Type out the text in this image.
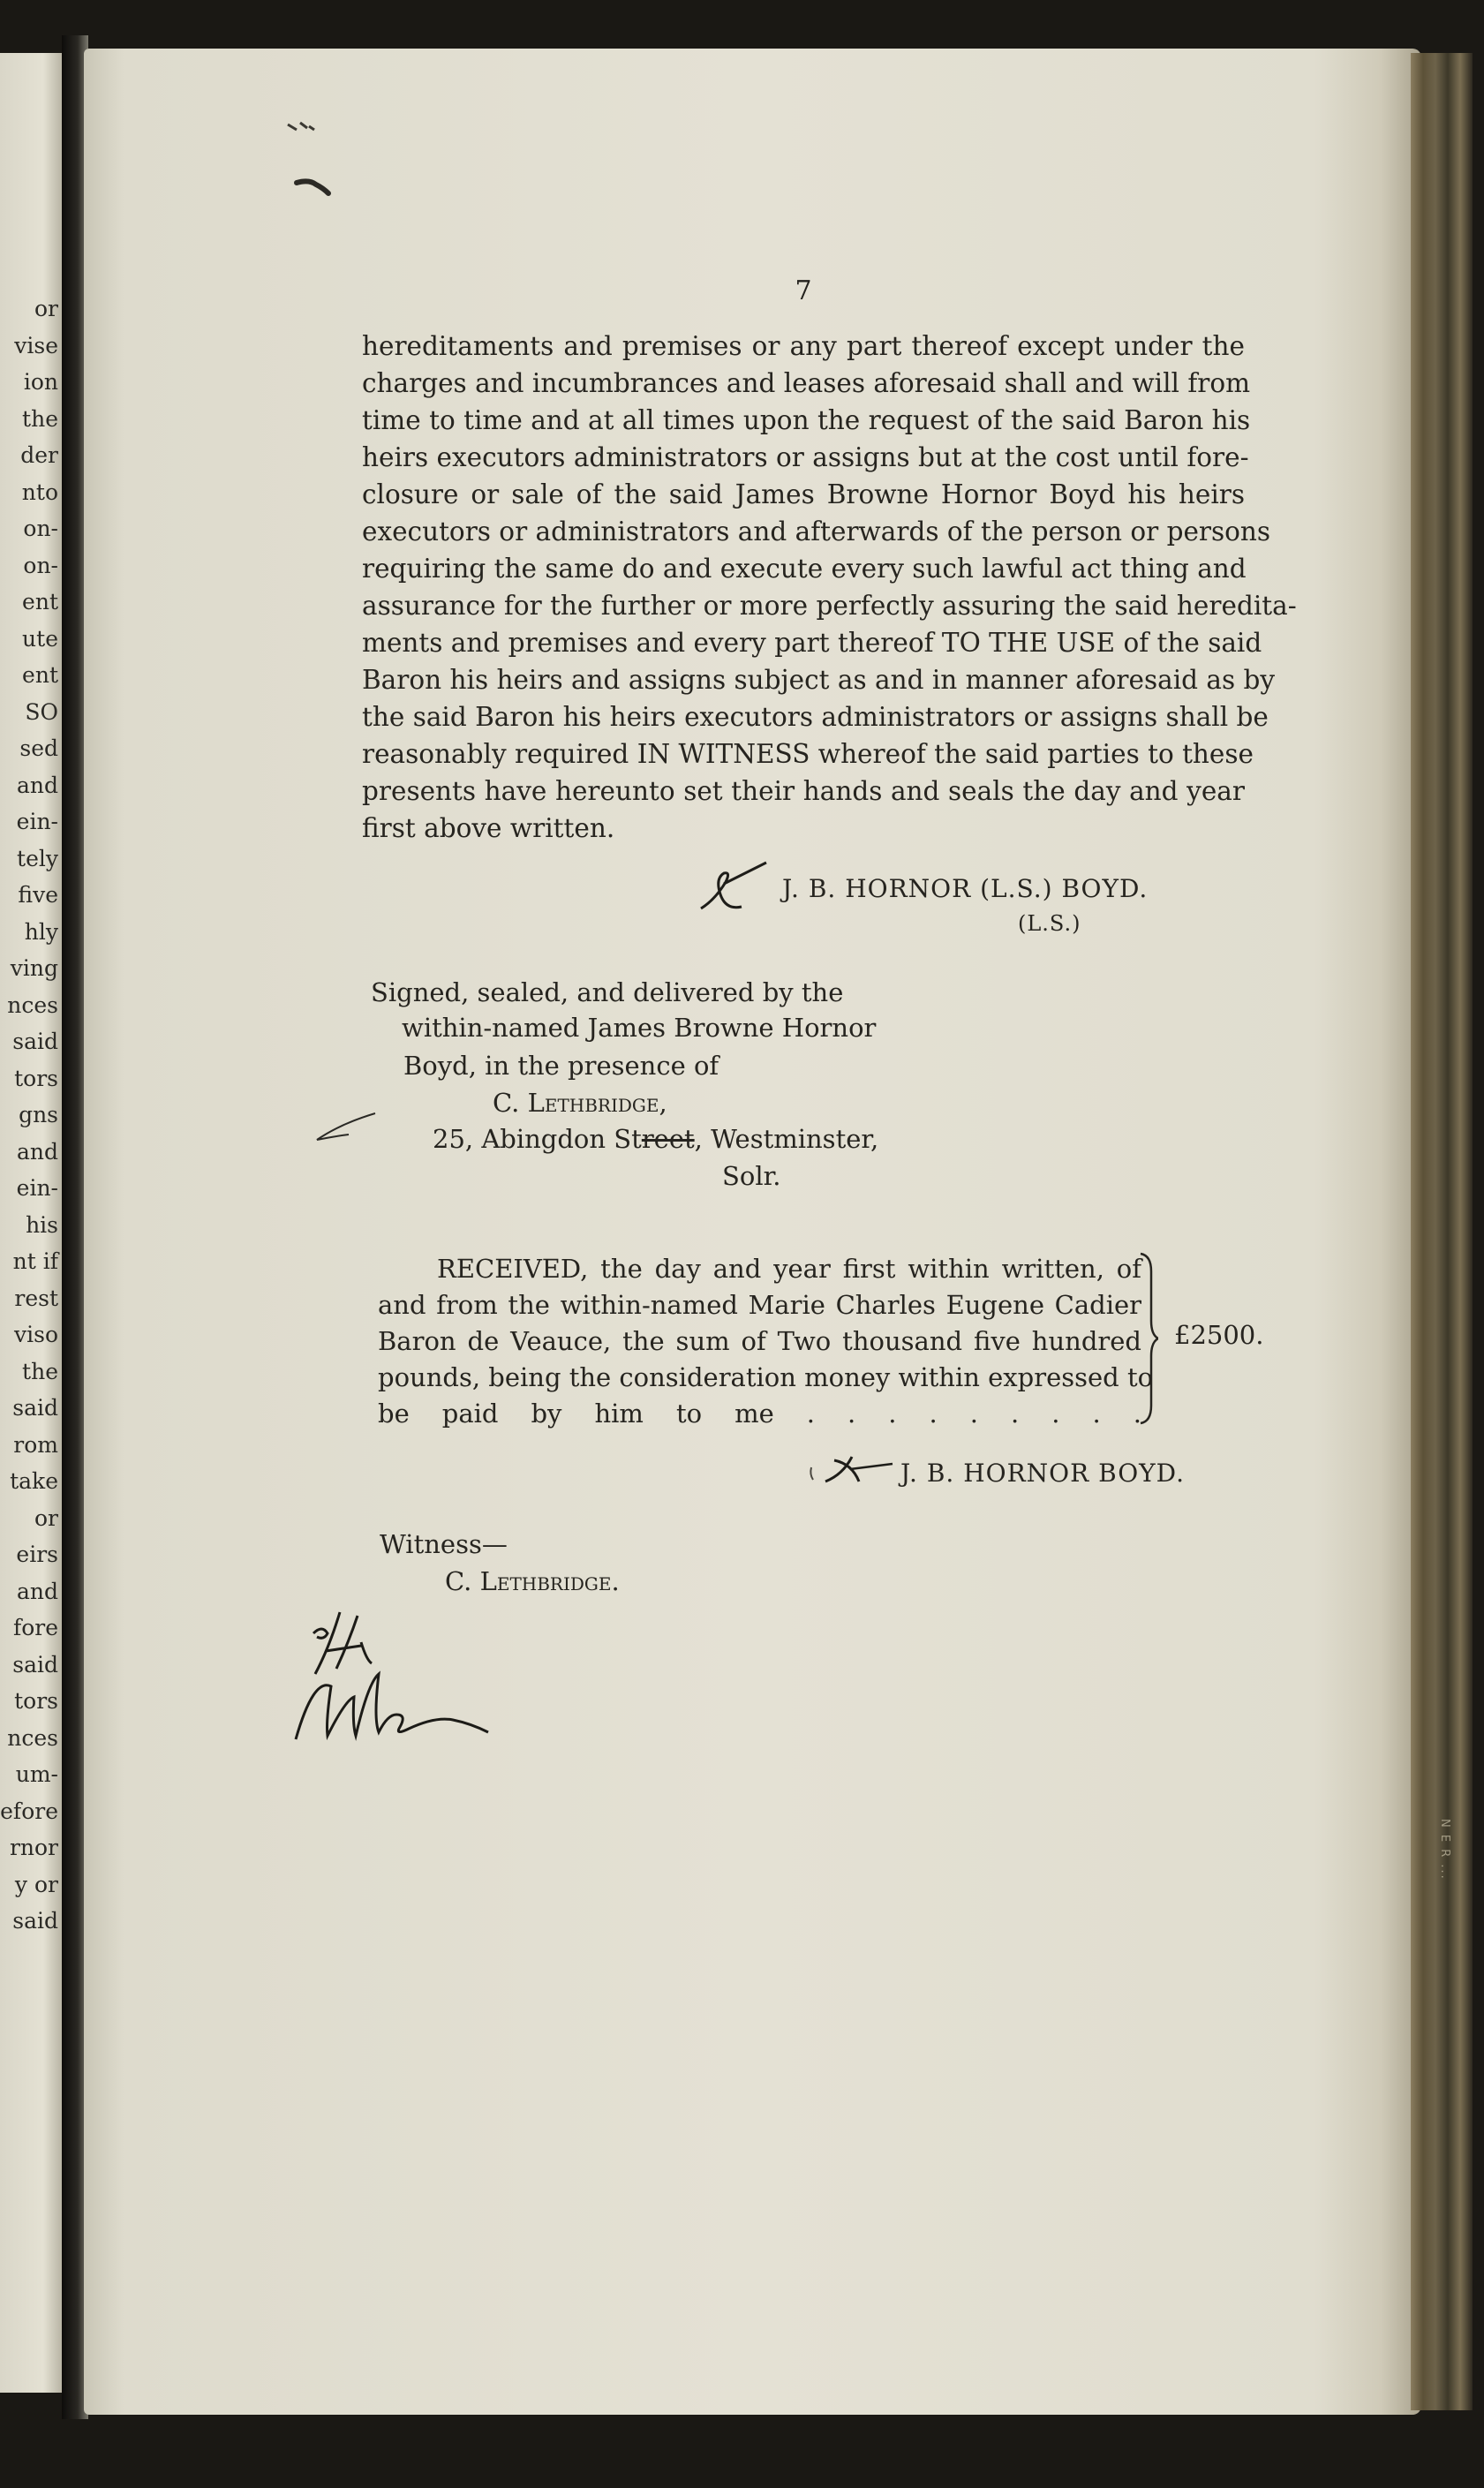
or
vise
ion
the
der
nto
on-
on-
ent
ute
ent
SO
sed
and
ein-
tely
five
hly
ving
nces
said
tors
gns
and
ein-
his
nt if
rest
viso
the
said
rom
take
or
eirs
and
fore
said
tors
nces
um-
efore
rnor
y or
said
N E R ...
7
hereditaments and premises or any part thereof except under the
charges and incumbrances and leases aforesaid shall and will from
time to time and at all times upon the request of the said Baron his
heirs executors administrators or assigns but at the cost until fore-
closure or sale of the said James Browne Hornor Boyd his heirs
executors or administrators and afterwards of the person or persons
requiring the same do and execute every such lawful act thing and
assurance for the further or more perfectly assuring the said heredita-
ments and premises and every part thereof TO THE USE of the said
Baron his heirs and assigns subject as and in manner aforesaid as by
the said Baron his heirs executors administrators or assigns shall be
reasonably required IN WITNESS whereof the said parties to these
presents have hereunto set their hands and seals the day and year
first above written.
J. B. HORNOR (L.S.) BOYD.
(L.S.)
Signed, sealed, and delivered by the
within-named James Browne Hornor
Boyd, in the presence of
C. Lethbridge,
25, Abingdon Street, Westminster,
Solr.
RECEIVED, the day and year first within written, of
and from the within-named Marie Charles Eugene Cadier
Baron de Veauce, the sum of Two thousand five hundred
pounds, being the consideration money within expressed to
be paid by him to me . . . . . . . . .
£2500.
J. B. HORNOR BOYD.
Witness—
C. Lethbridge.
